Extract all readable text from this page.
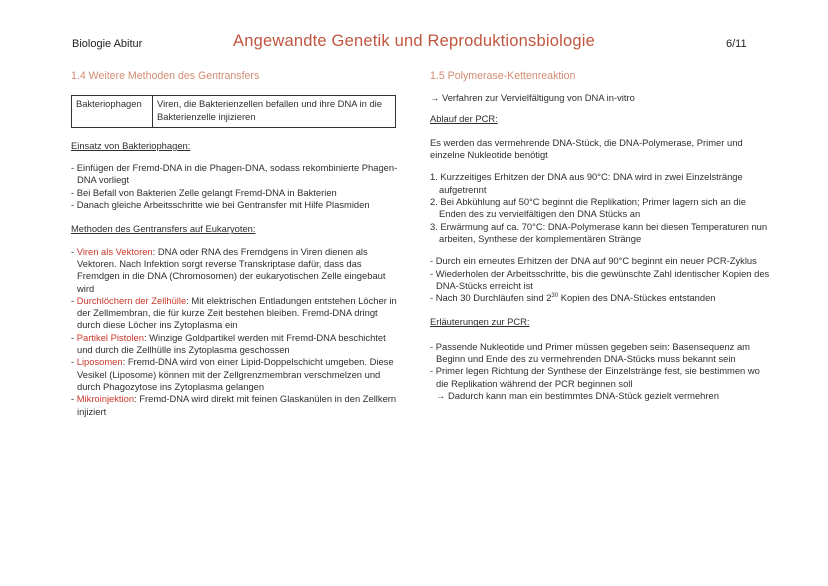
Biologie Abitur	Angewandte Genetik und Reproduktionsbiologie	6/11

1.4 Weitere Methoden des Gentransfers

Bakteriophagen	Viren, die Bakterienzellen befallen und ihre DNA in die Bakterienzelle injizieren

Einsatz von Bakteriophagen:

- Einfügen der Fremd-DNA in die Phagen-DNA, sodass rekombinierte Phagen-DNA vorliegt
- Bei Befall von Bakterien Zelle gelangt Fremd-DNA in Bakterien
- Danach gleiche Arbeitsschritte wie bei Gentransfer mit Hilfe Plasmiden

Methoden des Gentransfers auf Eukaryoten:

- Viren als Vektoren: DNA oder RNA des Fremdgens in Viren dienen als Vektoren. Nach Infektion sorgt reverse Transkriptase dafür, dass das Fremdgen in die DNA (Chromosomen) der eukaryotischen Zelle eingebaut wird
- Durchlöchern der Zellhülle: Mit elektrischen Entladungen entstehen Löcher in der Zellmembran, die für kurze Zeit bestehen bleiben. Fremd-DNA dringt durch diese Löcher ins Zytoplasma ein
- Partikel Pistolen: Winzige Goldpartikel werden mit Fremd-DNA beschichtet und durch die Zellhülle ins Zytoplasma geschossen
- Liposomen: Fremd-DNA wird von einer Lipid-Doppelschicht umgeben. Diese Vesikel (Liposome) können mit der Zellgrenzmembran verschmelzen und durch Phagozytose ins Zytoplasma gelangen
- Mikroinjektion: Fremd-DNA wird direkt mit feinen Glaskanülen in den Zellkern injiziert

1.5 Polymerase-Kettenreaktion

→ Verfahren zur Vervielfältigung von DNA in-vitro

Ablauf der PCR:

Es werden das vermehrende DNA-Stück, die DNA-Polymerase, Primer und einzelne Nukleotide benötigt

1. Kurzzeitiges Erhitzen der DNA aus 90°C: DNA wird in zwei Einzelstränge aufgetrennt
2. Bei Abkühlung auf 50°C beginnt die Replikation; Primer lagern sich an die Enden des zu vervielfältigen den DNA Stücks an
3. Erwärmung auf ca. 70°C: DNA-Polymerase kann bei diesen Temperaturen nun arbeiten, Synthese der komplementären Stränge
- Durch ein erneutes Erhitzen der DNA auf 90°C beginnt ein neuer PCR-Zyklus
- Wiederholen der Arbeitsschritte, bis die gewünschte Zahl identischer Kopien des DNA-Stücks erreicht ist
- Nach 30 Durchläufen sind $2^{30}$ Kopien des DNA-Stückes entstanden

Erläuterungen zur PCR:

- Passende Nukleotide und Primer müssen gegeben sein: Basensequenz am Beginn und Ende des zu vermehrenden DNA-Stücks muss bekannt sein
- Primer legen Richtung der Synthese der Einzelstränge fest, sie bestimmen wo die Replikation während der PCR beginnen soll

→ Dadurch kann man ein bestimmtes DNA-Stück gezielt vermehren
